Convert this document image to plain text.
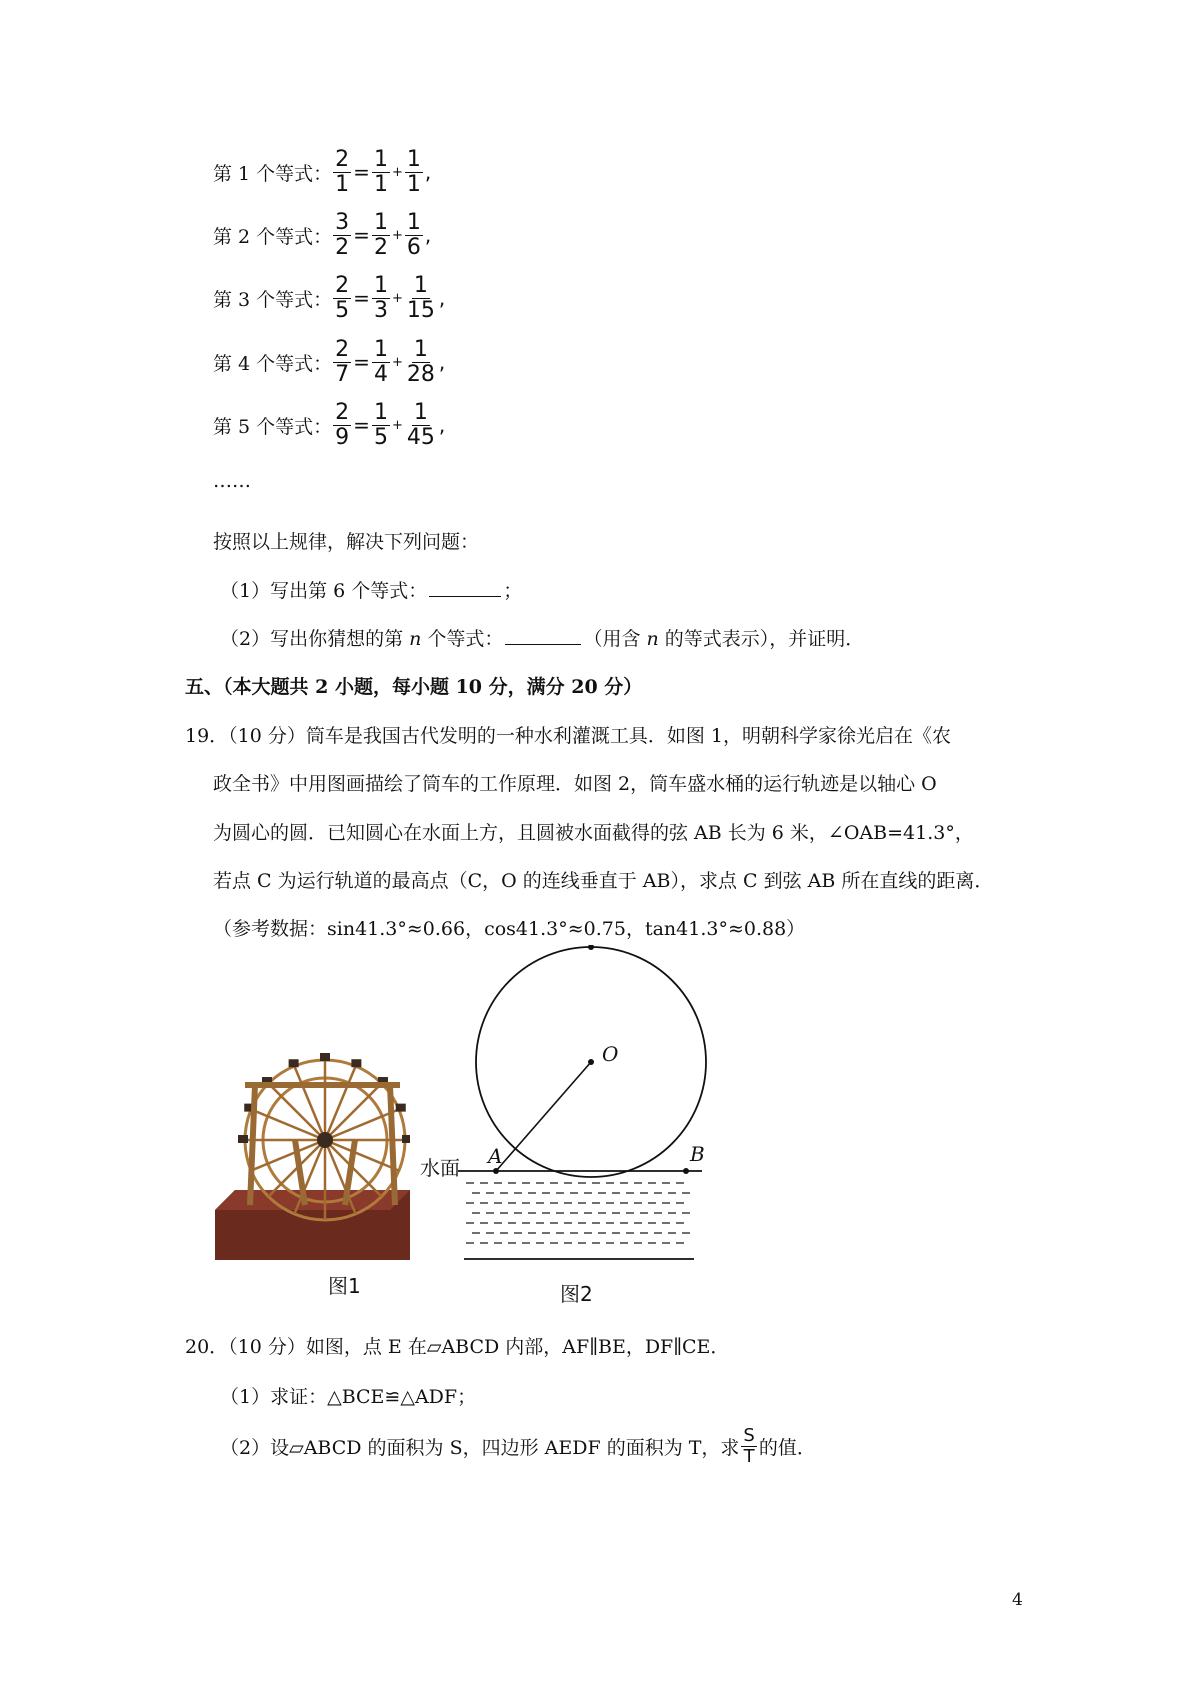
第 1 个等式： $\frac{2}{1} = \frac{1}{1} + \frac{1}{1}$ ,
第 2 个等式： $\frac{3}{2} = \frac{1}{2} + \frac{1}{6}$ ,
第 3 个等式： $\frac{2}{5} = \frac{1}{3} + \frac{1}{15}$ ,
第 4 个等式： $\frac{2}{7} = \frac{1}{4} + \frac{1}{28}$ ,
第 5 个等式： $\frac{2}{9} = \frac{1}{5} + \frac{1}{45}$ ,
……
按照以上规律，解决下列问题：
（1）写出第 6 个等式：	；
（2）写出你猜想的第 n 个等式：	（用含 n 的等式表示），并证明．
五、（本大题共 2 小题，每小题 10 分，满分 20 分）
19．（10 分）筒车是我国古代发明的一种水利灌溉工具．如图 1，明朝科学家徐光启在《农
政全书》中用图画描绘了筒车的工作原理．如图 2，筒车盛水桶的运行轨迹是以轴心 O
为圆心的圆．已知圆心在水面上方，且圆被水面截得的弦 AB 长为 6 米，∠OAB=41.3°，
若点 C 为运行轨道的最高点（C，O 的连线垂直于 AB），求点 C 到弦 AB 所在直线的距离．
（参考数据：sin41.3°≈0.66，cos41.3°≈0.75，tan41.3°≈0.88）
图1
O
A	B
水面
图2
20．（10 分）如图，点 E 在▱ABCD 内部，AF∥BE，DF∥CE．
（1）求证：△BCE≌△ADF；
（2）设▱ABCD 的面积为 S，四边形 AEDF 的面积为 T，求 $\frac{S}{T}$ 的值．
4
